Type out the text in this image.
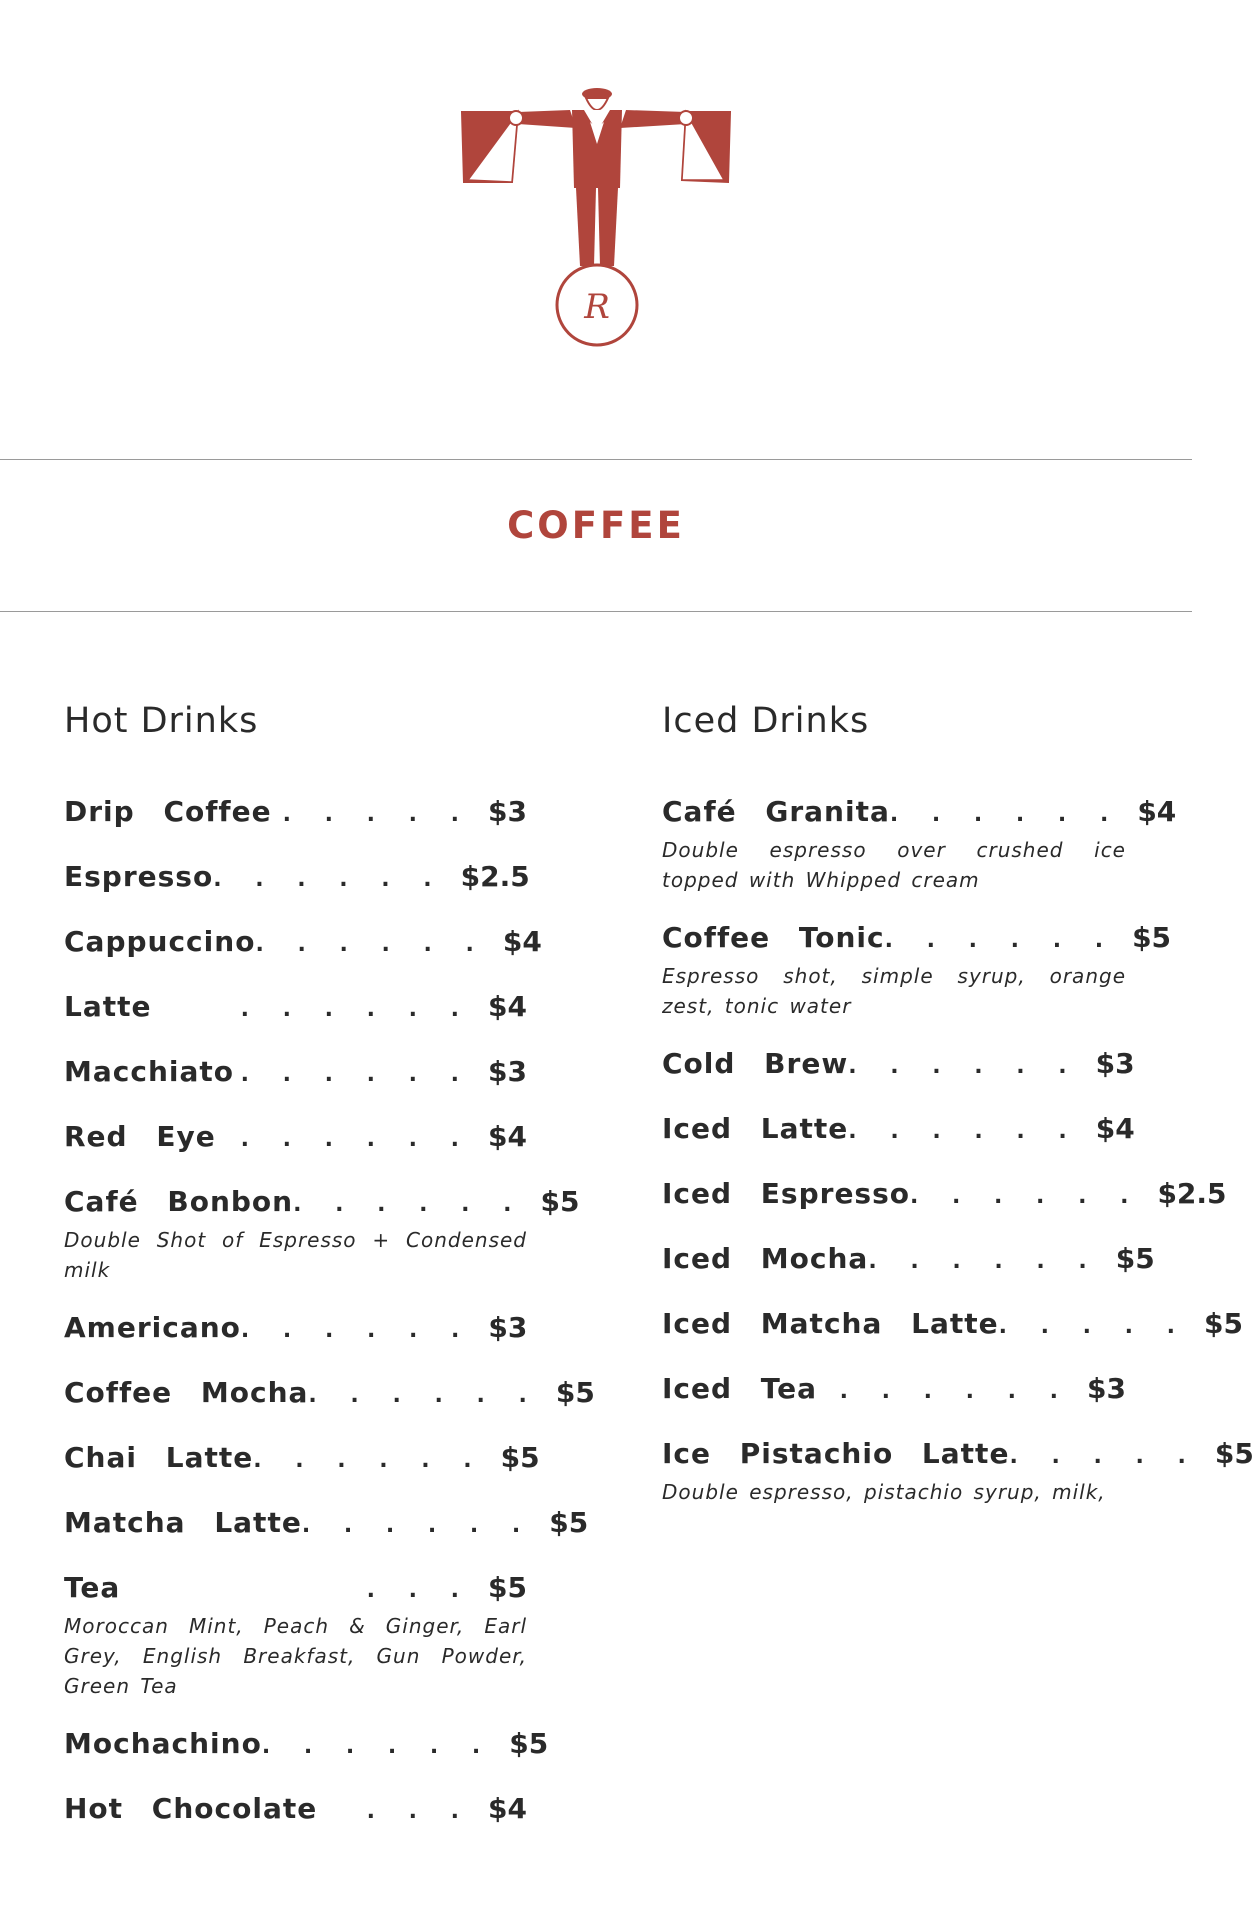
R
COFFEE
Hot Drinks
Drip Coffee . . . . . $3
Espresso . . . . . . $2.5
Cappuccino . . . . . . $4
Latte	. . . . . . $4
Macchiato . . . . . . $3
Red Eye	. . . . . . $4
Café Bonbon . . . . . . $5
Double Shot of Espresso + Condensed milk
Americano . . . . . . $3
Coffee Mocha . . . . . . $5
Chai Latte . . . . . . $5
Matcha Latte . . . . . . $5
Tea	. . . $5
Moroccan Mint, Peach & Ginger, Earl Grey, English Breakfast, Gun Powder, Green Tea
Mochachino . . . . . . $5
Hot Chocolate	. . . $4
Iced Drinks
Café Granita . . . . . . $4
Double espresso over crushed ice topped with Whipped cream
Coffee Tonic . . . . . . $5
Espresso shot, simple syrup, orange zest, tonic water
Cold Brew . . . . . . $3
Iced Latte . . . . . . $4
Iced Espresso . . . . . . $2.5
Iced Mocha . . . . . . $5
Iced Matcha Latte . . . . . $5
Iced Tea	. . . . . . $3
Ice Pistachio Latte . . . . . $5
Double espresso, pistachio syrup, milk,
